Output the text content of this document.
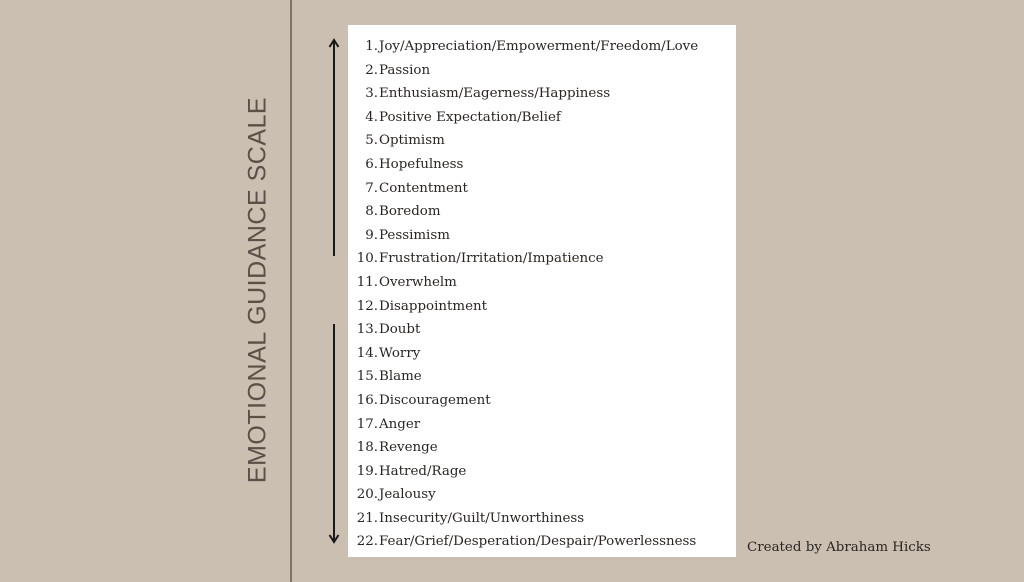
EMOTIONAL GUIDANCE SCALE
1. Joy/Appreciation/Empowerment/Freedom/Love
2. Passion
3. Enthusiasm/Eagerness/Happiness
4. Positive Expectation/Belief
5. Optimism
6. Hopefulness
7. Contentment
8. Boredom
9. Pessimism
10. Frustration/Irritation/Impatience
11. Overwhelm
12. Disappointment
13. Doubt
14. Worry
15. Blame
16. Discouragement
17. Anger
18. Revenge
19. Hatred/Rage
20. Jealousy
21. Insecurity/Guilt/Unworthiness
22. Fear/Grief/Desperation/Despair/Powerlessness	Created by Abraham Hicks
